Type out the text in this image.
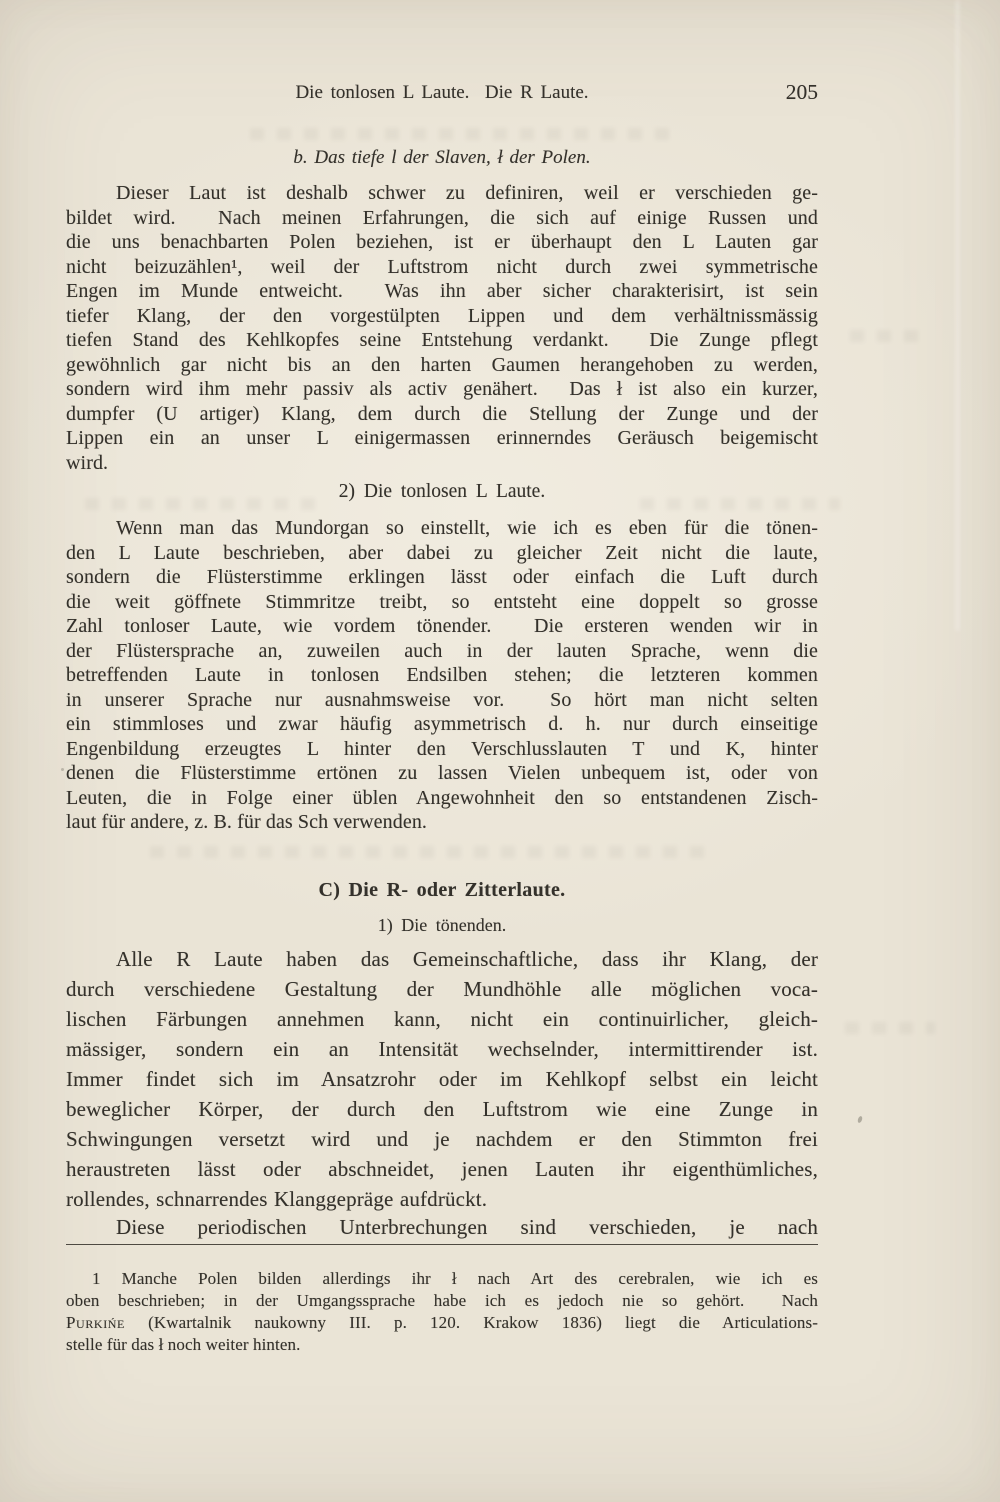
Die tonlosen L Laute.  Die R Laute.	205
b. Das tiefe l der Slaven, ł der Polen.
Dieser Laut ist deshalb schwer zu definiren, weil er verschieden ge-
bildet wird.  Nach meinen Erfahrungen, die sich auf einige Russen und
die uns benachbarten Polen beziehen, ist er überhaupt den L Lauten gar
nicht beizuzählen¹, weil der Luftstrom nicht durch zwei symmetrische
Engen im Munde entweicht.  Was ihn aber sicher charakterisirt, ist sein
tiefer Klang, der den vorgestülpten Lippen und dem verhältnissmässig
tiefen Stand des Kehlkopfes seine Entstehung verdankt.  Die Zunge pflegt
gewöhnlich gar nicht bis an den harten Gaumen herangehoben zu werden,
sondern wird ihm mehr passiv als activ genähert.  Das ł ist also ein kurzer,
dumpfer (U artiger) Klang, dem durch die Stellung der Zunge und der
Lippen ein an unser L einigermassen erinnerndes Geräusch beigemischt
wird.
2) Die tonlosen L Laute.
Wenn man das Mundorgan so einstellt, wie ich es eben für die tönen-
den L Laute beschrieben, aber dabei zu gleicher Zeit nicht die laute,
sondern die Flüsterstimme erklingen lässt oder einfach die Luft durch
die weit göffnete Stimmritze treibt, so entsteht eine doppelt so grosse
Zahl tonloser Laute, wie vordem tönender.  Die ersteren wenden wir in
der Flüstersprache an, zuweilen auch in der lauten Sprache, wenn die
betreffenden Laute in tonlosen Endsilben stehen; die letzteren kommen
in unserer Sprache nur ausnahmsweise vor.  So hört man nicht selten
ein stimmloses und zwar häufig asymmetrisch d. h. nur durch einseitige
Engenbildung erzeugtes L hinter den Verschlusslauten T und K, hinter
denen die Flüsterstimme ertönen zu lassen Vielen unbequem ist, oder von
Leuten, die in Folge einer üblen Angewohnheit den so entstandenen Zisch-
laut für andere, z. B. für das Sch verwenden.
C) Die R- oder Zitterlaute.
1) Die tönenden.
Alle R Laute haben das Gemeinschaftliche, dass ihr Klang, der
durch verschiedene Gestaltung der Mundhöhle alle möglichen voca-
lischen Färbungen annehmen kann, nicht ein continuirlicher, gleich-
mässiger, sondern ein an Intensität wechselnder, intermittirender ist.
Immer findet sich im Ansatzrohr oder im Kehlkopf selbst ein leicht
beweglicher Körper, der durch den Luftstrom wie eine Zunge in
Schwingungen versetzt wird und je nachdem er den Stimmton frei
heraustreten lässt oder abschneidet, jenen Lauten ihr eigenthümliches,
rollendes, schnarrendes Klanggepräge aufdrückt.
Diese periodischen Unterbrechungen sind verschieden, je nach
1 Manche Polen bilden allerdings ihr ł nach Art des cerebralen, wie ich es
oben beschrieben; in der Umgangssprache habe ich es jedoch nie so gehört.  Nach
Purkińe (Kwartalnik naukowny III. p. 120. Krakow 1836) liegt die Articulations-
stelle für das ł noch weiter hinten.
